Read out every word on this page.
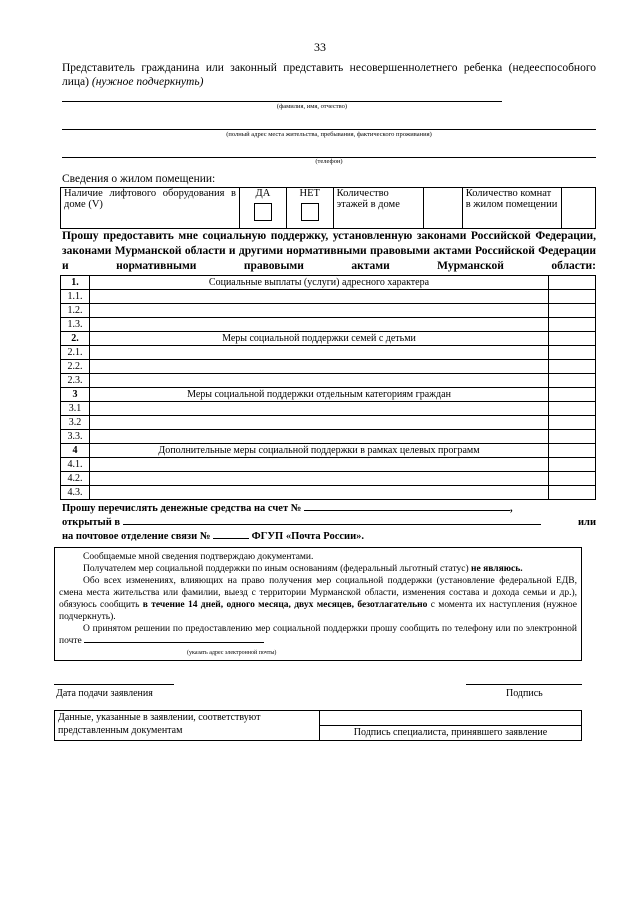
33
Представитель гражданина или законный представить несовершеннолетнего ребенка (недееспособного лица) (нужное подчеркнуть)
(фамилия, имя, отчество)
(полный адрес места жительства, пребывания, фактического проживания)
(телефон)
Сведения о жилом помещении:
Наличие лифтового оборудования в доме (V)	
ДА	НЕТ	Количество этажей в доме		Количество комнат в жилом помещении	
Прошу предоставить мне социальную поддержку, установленную законами Российской Федерации, законами Мурманской области и другими нормативными правовыми актами Российской Федерации и нормативными правовыми актами Мурманской области:
1.	Социальные выплаты (услуги) адресного характера	
1.1.		
1.2.		
1.3.		
2.	Меры социальной поддержки семей с детьми	
2.1.		
2.2.		
2.3.		
3	Меры социальной поддержки отдельным категориям граждан	
3.1		
3.2		
3.3.		
4	Дополнительные меры социальной поддержки в рамках целевых программ	
4.1.		
4.2.		
4.3.		
Прошу перечислять денежные средства на счет №	,
открытый в	или
на почтовое отделение связи №	ФГУП «Почта России».

Сообщаемые мной сведения подтверждаю документами.

Получателем мер социальной поддержки по иным основаниям (федеральный льготный статус) не являюсь.

Обо всех изменениях, влияющих на право получения мер социальной поддержки (установление федеральной ЕДВ, смена места жительства или фамилии, выезд с территории Мурманской области, изменения состава и дохода семьи и др.), обязуюсь сообщить в течение 14 дней, одного месяца, двух месяцев, безотлагательно с момента их наступления (нужное подчеркнуть).

О принятом решении по предоставлению мер социальной поддержки прошу сообщить по телефону или по электронной почте

(указать адрес электронной почты)
Дата подачи заявления	Подпись
Данные, указанные в заявлении, соответствуют представленным документам	
Подпись специалиста, принявшего заявление
